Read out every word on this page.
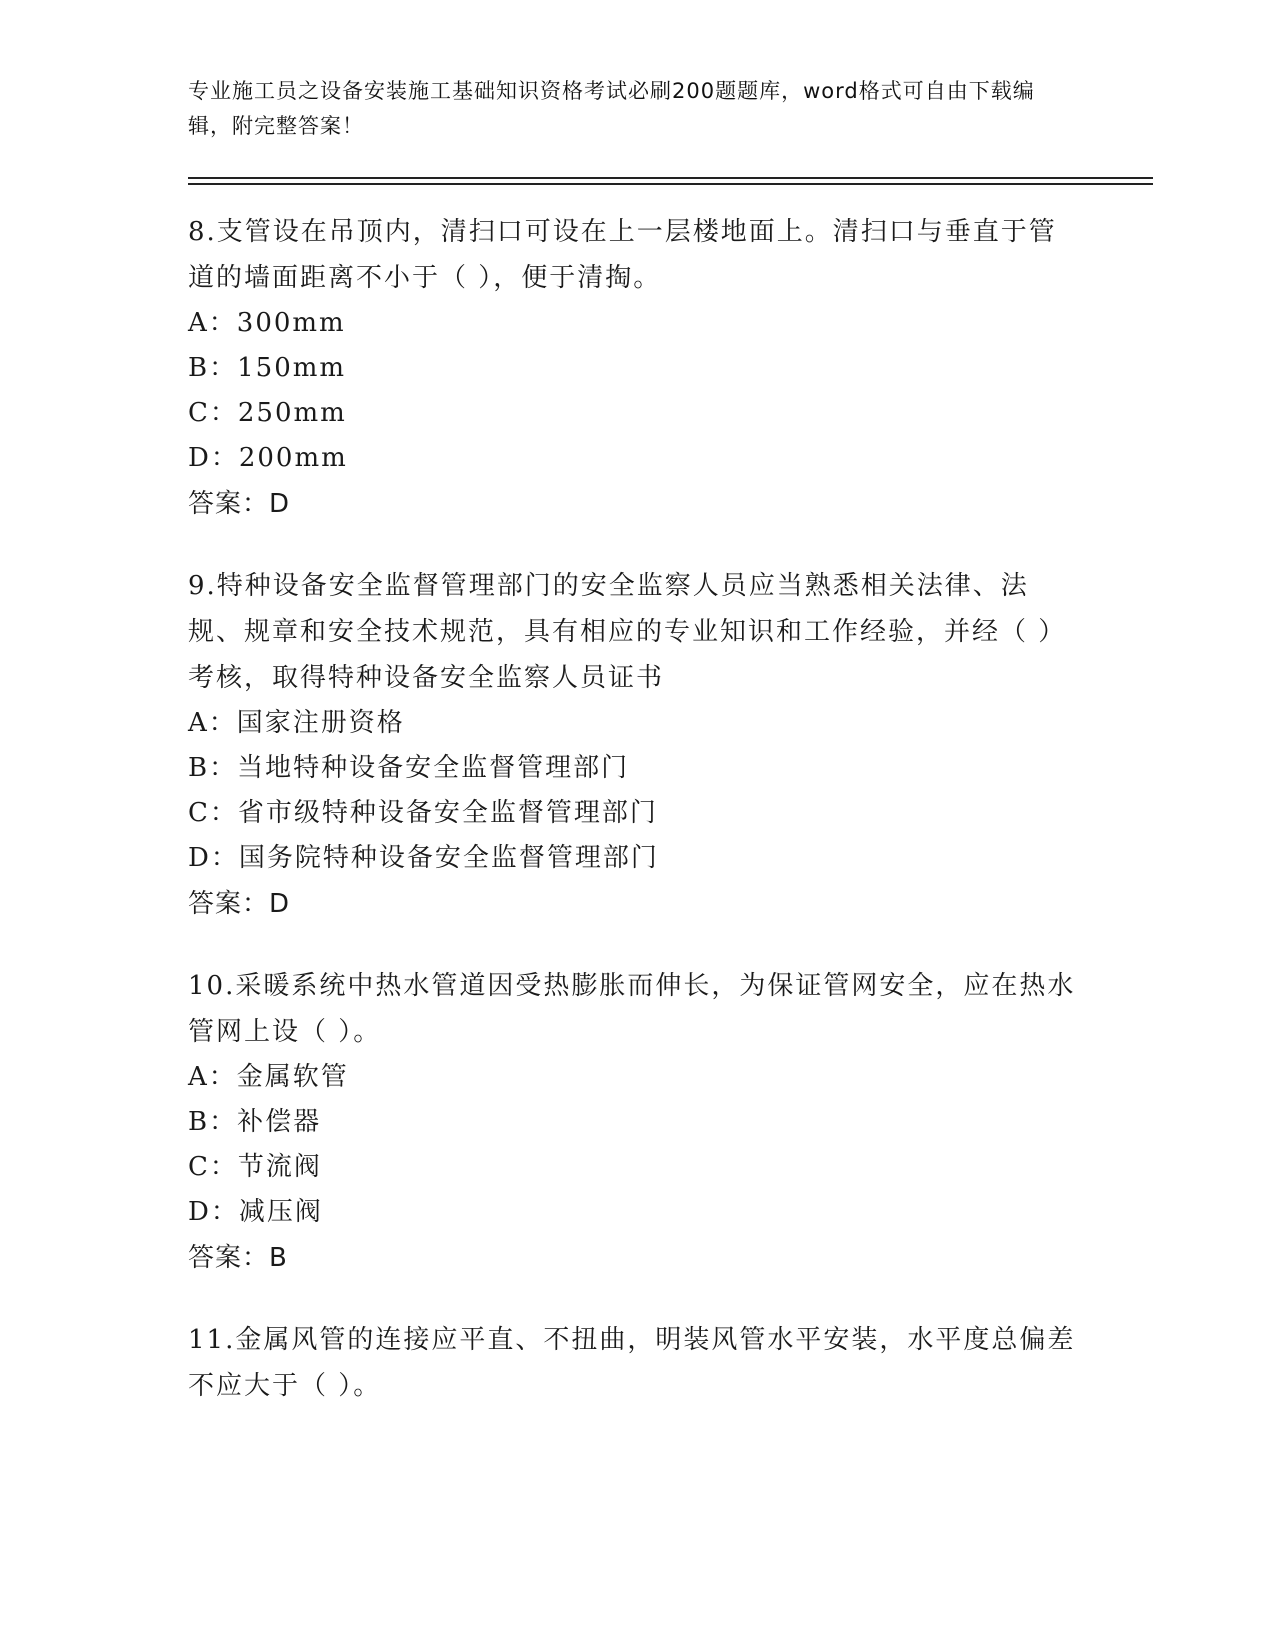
专业施工员之设备安装施工基础知识资格考试必刷200题题库，word格式可自由下载编辑，附完整答案！

8.支管设在吊顶内，清扫口可设在上一层楼地面上。清扫口与垂直于管道的墙面距离不小于（ ），便于清掏。

A：300mm

B：150mm

C：250mm

D：200mm

答案：D

9.特种设备安全监督管理部门的安全监察人员应当熟悉相关法律、法规、规章和安全技术规范，具有相应的专业知识和工作经验，并经（ ）考核，取得特种设备安全监察人员证书

A：国家注册资格

B：当地特种设备安全监督管理部门

C：省市级特种设备安全监督管理部门

D：国务院特种设备安全监督管理部门

答案：D

10.采暖系统中热水管道因受热膨胀而伸长，为保证管网安全，应在热水管网上设（ ）。

A：金属软管

B：补偿器

C：节流阀

D：减压阀

答案：B

11.金属风管的连接应平直、不扭曲，明装风管水平安装，水平度总偏差不应大于（ ）。
